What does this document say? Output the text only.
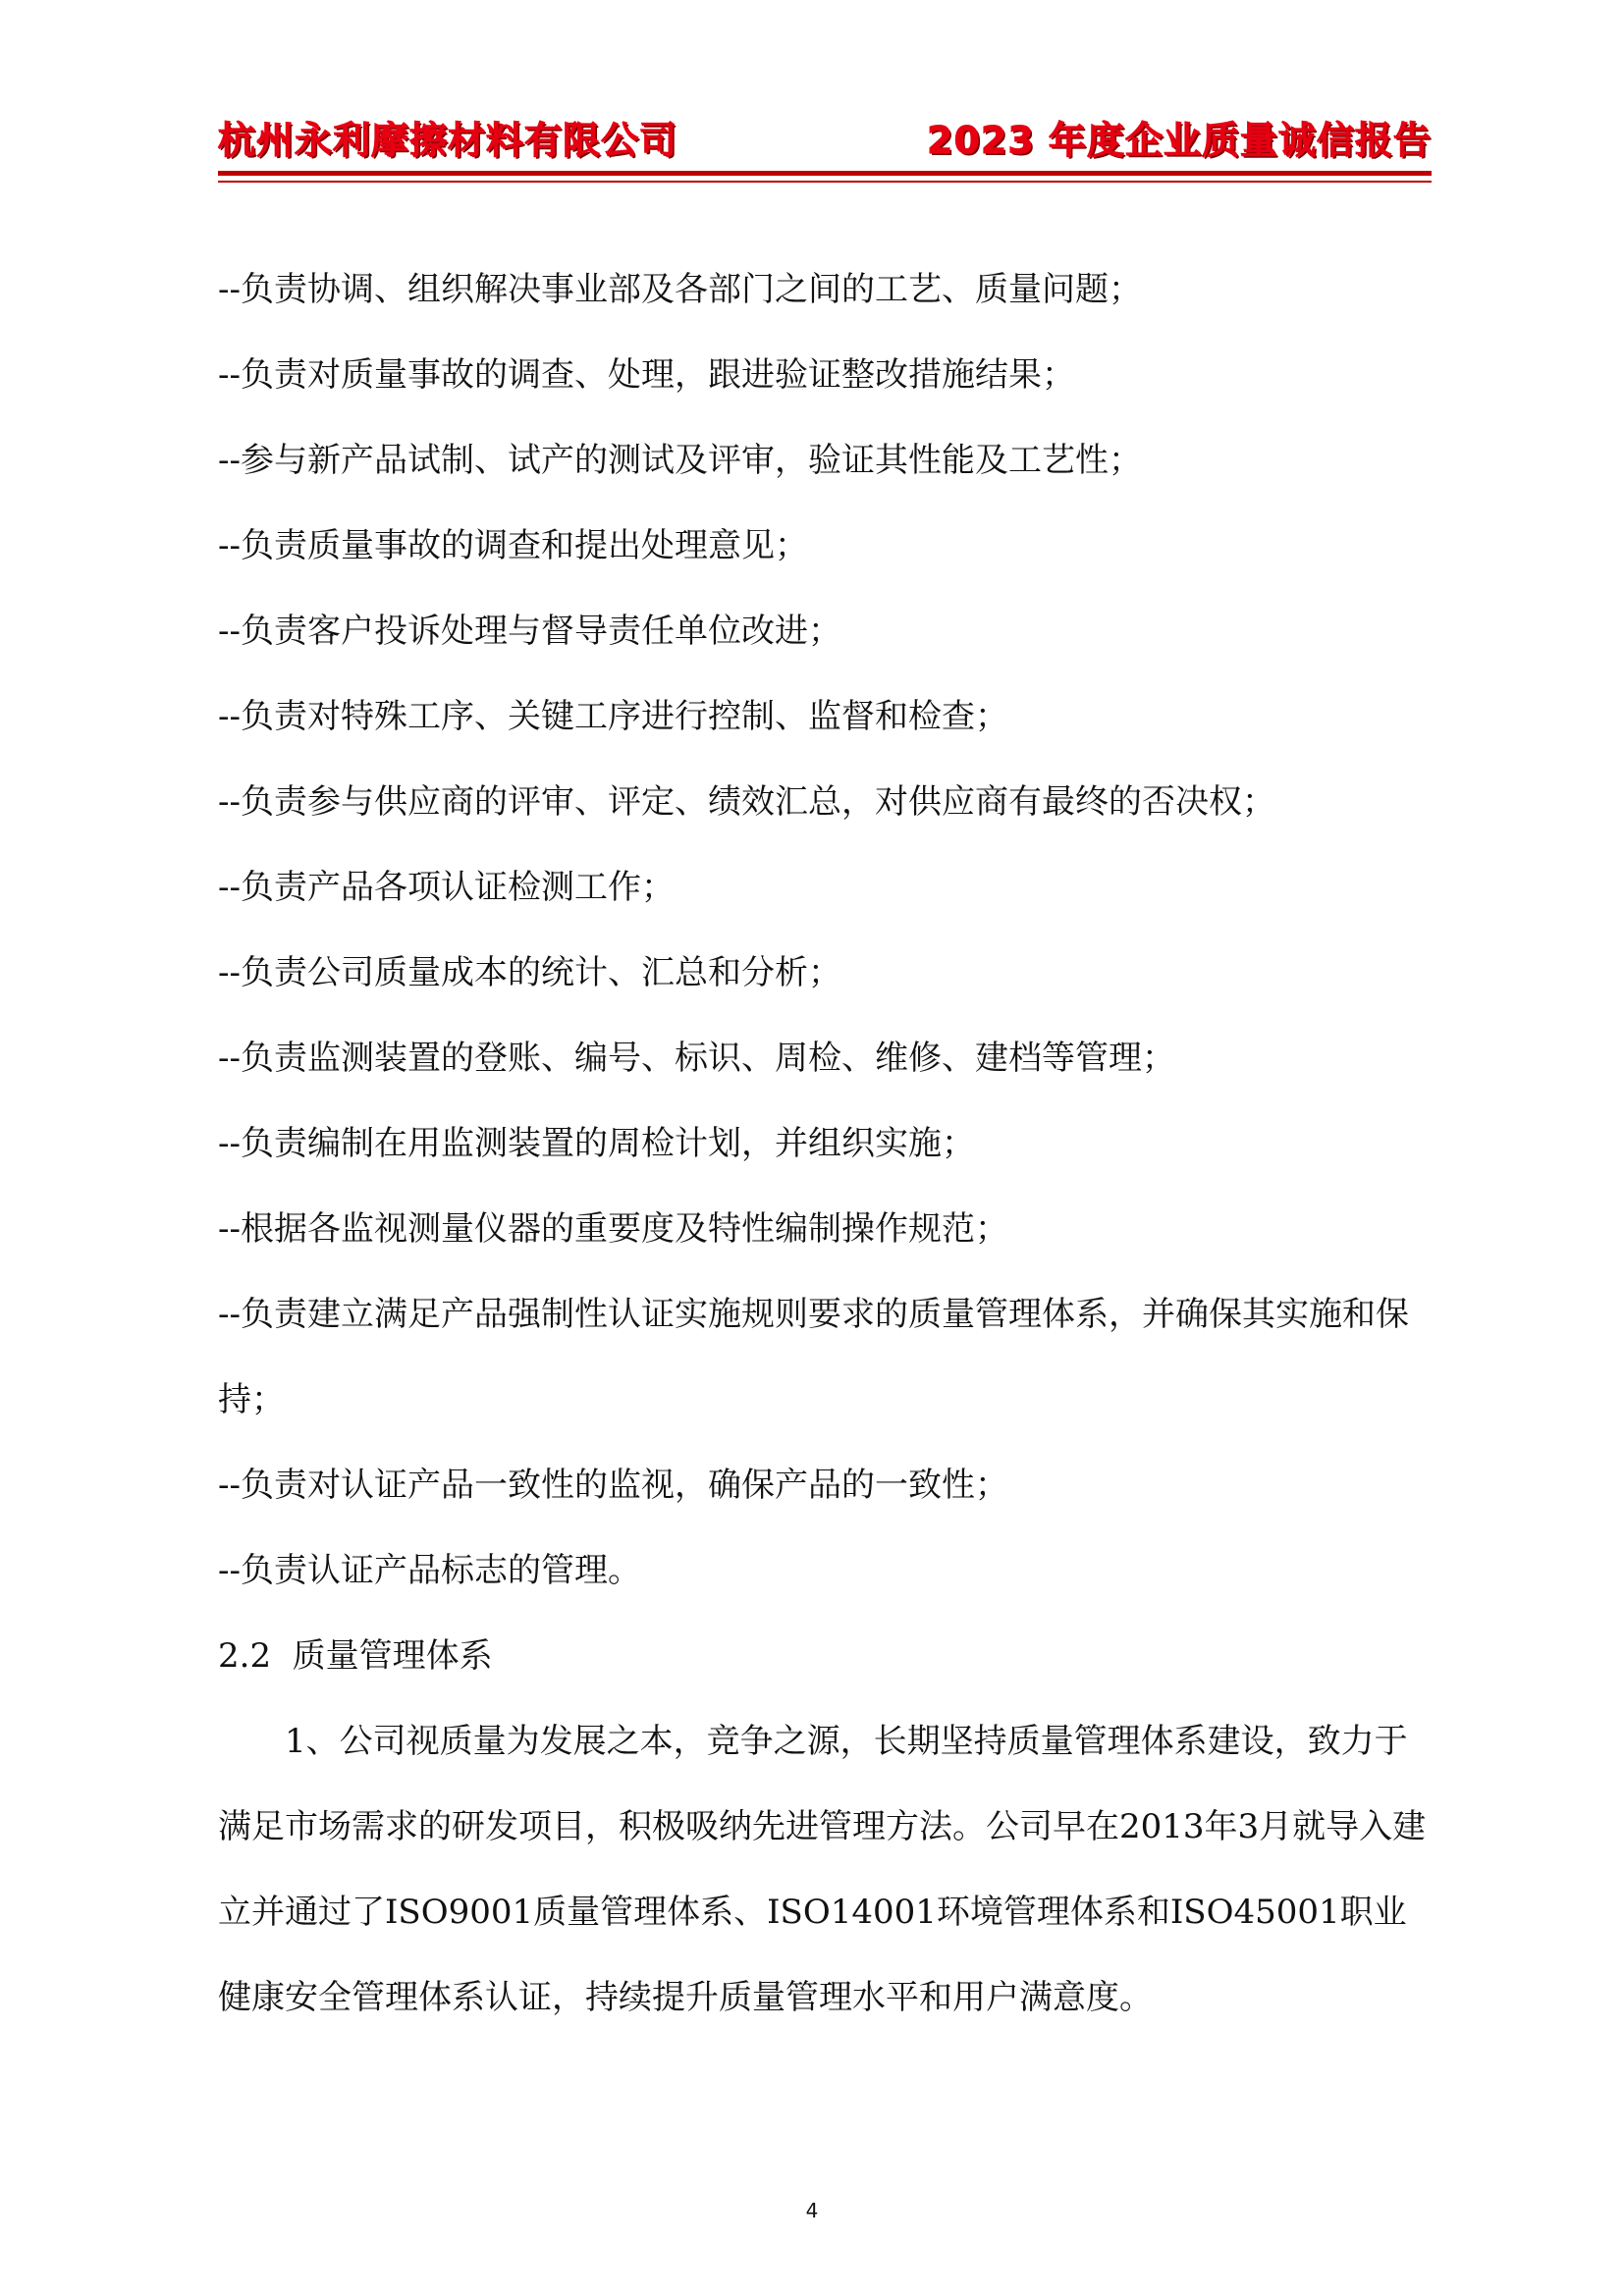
杭州永利摩擦材料有限公司	2023 年度企业质量诚信报告
--负责协调、组织解决事业部及各部门之间的工艺、质量问题；
--负责对质量事故的调查、处理，跟进验证整改措施结果；
--参与新产品试制、试产的测试及评审，验证其性能及工艺性；
--负责质量事故的调查和提出处理意见；
--负责客户投诉处理与督导责任单位改进；
--负责对特殊工序、关键工序进行控制、监督和检查；
--负责参与供应商的评审、评定、绩效汇总，对供应商有最终的否决权；
--负责产品各项认证检测工作；
--负责公司质量成本的统计、汇总和分析；
--负责监测装置的登账、编号、标识、周检、维修、建档等管理；
--负责编制在用监测装置的周检计划，并组织实施；
--根据各监视测量仪器的重要度及特性编制操作规范；
--负责建立满足产品强制性认证实施规则要求的质量管理体系，并确保其实施和保持；
--负责对认证产品一致性的监视，确保产品的一致性；
--负责认证产品标志的管理。
2.2  质量管理体系
1、公司视质量为发展之本，竞争之源，长期坚持质量管理体系建设，致力于满足市场需求的研发项目，积极吸纳先进管理方法。公司早在2013年3月就导入建立并通过了ISO9001质量管理体系、ISO14001环境管理体系和ISO45001职业健康安全管理体系认证，持续提升质量管理水平和用户满意度。
4
